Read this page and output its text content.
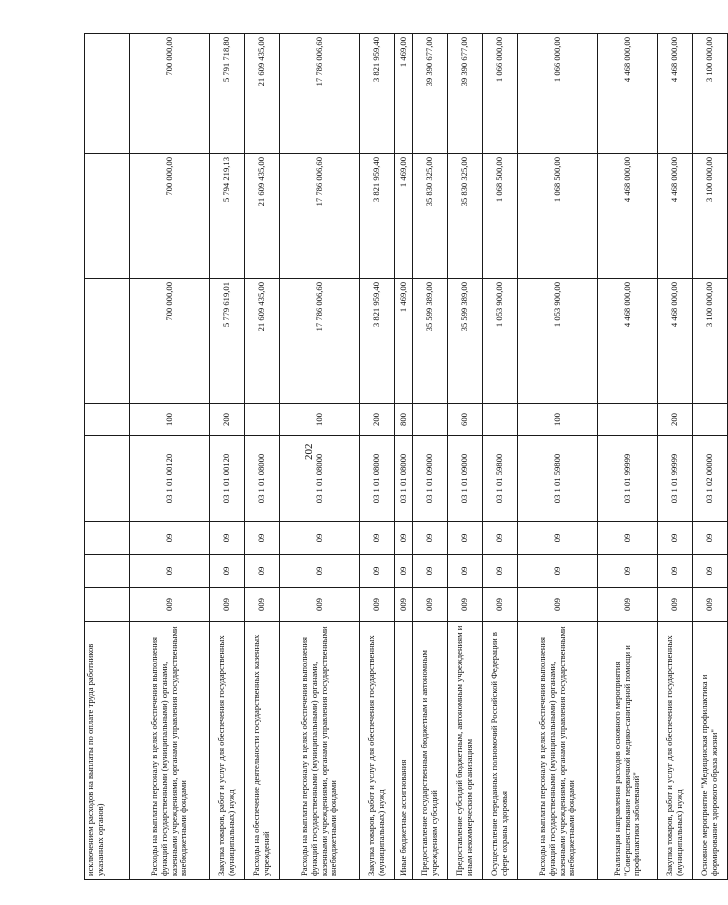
202
исключением расходов на выплаты по оплате труда работников указанных органов)								
Расходы на выплаты персоналу в целях обеспечения выполнения функций государственными (муниципальными) органами, казенными учреждениями, органами управления государственными внебюджетными фондами	009	09	09	03 1 01 00120	100	700 000,00	700 000,00	700 000,00
Закупка товаров, работ и услуг для обеспечения государственных (муниципальных) нужд	009	09	09	03 1 01 00120	200	5 779 619,01	5 794 219,13	5 791 718,80
Расходы на обеспечение деятельности государственных казенных учреждений	009	09	09	03 1 01 08000		21 609 435,00	21 609 435,00	21 609 435,00
Расходы на выплаты персоналу в целях обеспечения выполнения функций государственными (муниципальными) органами, казенными учреждениями, органами управления государственными внебюджетными фондами	009	09	09	03 1 01 08000	100	17 786 006,60	17 786 006,60	17 786 006,60
Закупка товаров, работ и услуг для обеспечения государственных (муниципальных) нужд	009	09	09	03 1 01 08000	200	3 821 959,40	3 821 959,40	3 821 959,40
Иные бюджетные ассигнования	009	09	09	03 1 01 08000	800	1 469,00	1 469,00	1 469,00
Предоставление государственным бюджетным и автономным учреждениям субсидий	009	09	09	03 1 01 09000		35 599 389,00	35 830 325,00	39 390 677,00
Предоставление субсидий бюджетным, автономным учреждениям и иным некоммерческим организациям	009	09	09	03 1 01 09000	600	35 599 389,00	35 830 325,00	39 390 677,00
Осуществление переданных полномочий Российской Федерации в сфере охраны здоровья	009	09	09	03 1 01 59800		1 053 900,00	1 068 500,00	1 066 000,00
Расходы на выплаты персоналу в целях обеспечения выполнения функций государственными (муниципальными) органами, казенными учреждениями, органами управления государственными внебюджетными фондами	009	09	09	03 1 01 59800	100	1 053 900,00	1 068 500,00	1 066 000,00
Реализация направления расходов основного мероприятия "Совершенствование первичной медико-санитарной помощи и профилактики заболеваний"	009	09	09	03 1 01 99999		4 468 000,00	4 468 000,00	4 468 000,00
Закупка товаров, работ и услуг для обеспечения государственных (муниципальных) нужд	009	09	09	03 1 01 99999	200	4 468 000,00	4 468 000,00	4 468 000,00
Основное мероприятие "Медицинская профилактика и формирование здорового образа жизни"	009	09	09	03 1 02 00000		3 100 000,00	3 100 000,00	3 100 000,00
